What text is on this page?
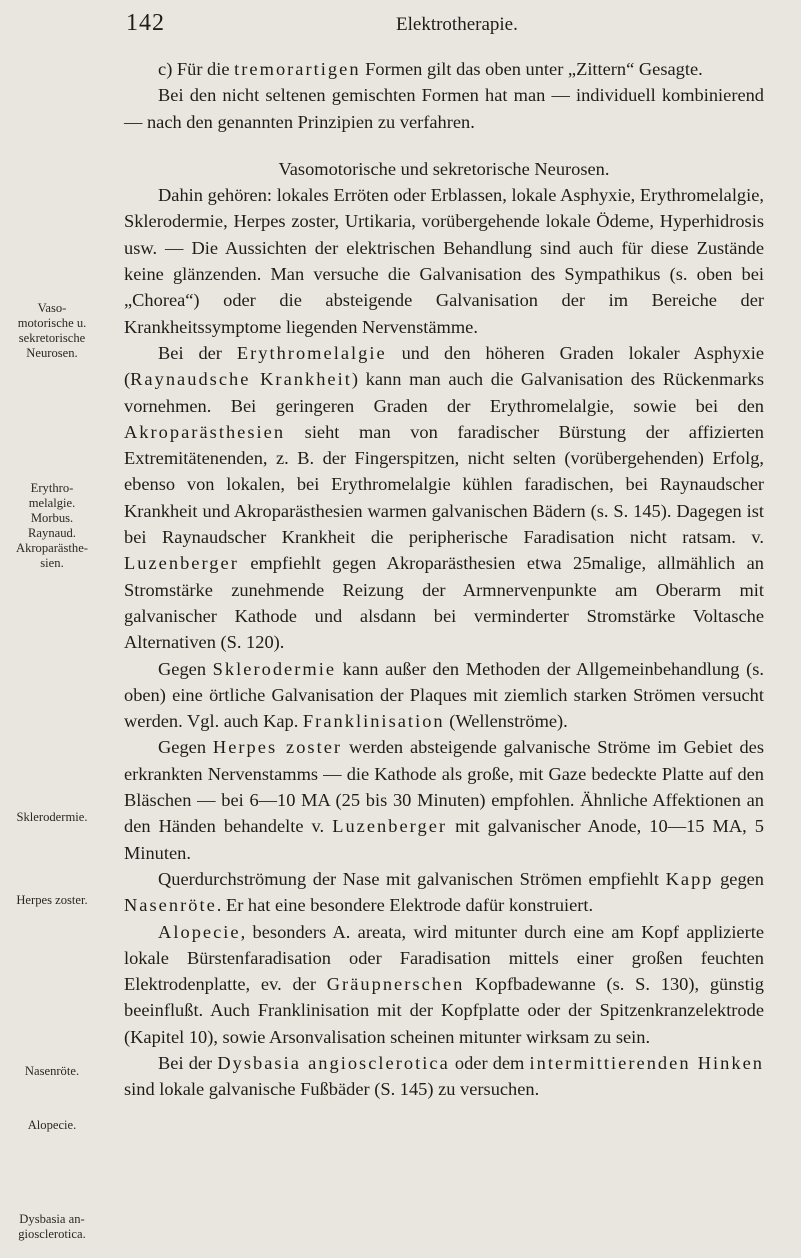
142	Elektrotherapie.
Vaso-
motorische u.
sekretorische
Neurosen.
Erythro-
melalgie.
Morbus.
Raynaud.
Akroparästhe-
sien.
Sklerodermie.
Herpes zoster.
Nasenröte.
Alopecie.
Dysbasia an-
giosclerotica.

c) Für die tremorartigen Formen gilt das oben unter „Zittern“ Gesagte.

Bei den nicht seltenen gemischten Formen hat man — individuell kombinierend — nach den genannten Prinzipien zu verfahren.

Vasomotorische und sekretorische Neurosen.

Dahin gehören: lokales Erröten oder Erblassen, lokale Asphyxie, Erythromelalgie, Sklerodermie, Herpes zoster, Urtikaria, vorübergehende lokale Ödeme, Hyperhidrosis usw. — Die Aussichten der elektrischen Behandlung sind auch für diese Zustände keine glänzenden. Man versuche die Galvanisation des Sympathikus (s. oben bei „Chorea“) oder die absteigende Galvanisation der im Bereiche der Krankheitssymptome liegenden Nervenstämme.

Bei der Erythromelalgie und den höheren Graden lokaler Asphyxie (Raynaudsche Krankheit) kann man auch die Galvanisation des Rückenmarks vornehmen. Bei geringeren Graden der Erythromelalgie, sowie bei den Akroparästhesien sieht man von faradischer Bürstung der affizierten Extremitätenenden, z. B. der Fingerspitzen, nicht selten (vorübergehenden) Erfolg, ebenso von lokalen, bei Erythromelalgie kühlen faradischen, bei Raynaudscher Krankheit und Akroparästhesien warmen galvanischen Bädern (s. S. 145). Dagegen ist bei Raynaudscher Krankheit die peripherische Faradisation nicht ratsam. v. Luzenberger empfiehlt gegen Akroparästhesien etwa 25malige, allmählich an Stromstärke zunehmende Reizung der Armnervenpunkte am Oberarm mit galvanischer Kathode und alsdann bei verminderter Stromstärke Voltasche Alternativen (S. 120).

Gegen Sklerodermie kann außer den Methoden der Allgemeinbehandlung (s. oben) eine örtliche Galvanisation der Plaques mit ziemlich starken Strömen versucht werden. Vgl. auch Kap. Franklinisation (Wellenströme).

Gegen Herpes zoster werden absteigende galvanische Ströme im Gebiet des erkrankten Nervenstamms — die Kathode als große, mit Gaze bedeckte Platte auf den Bläschen — bei 6—10 MA (25 bis 30 Minuten) empfohlen. Ähnliche Affektionen an den Händen behandelte v. Luzenberger mit galvanischer Anode, 10—15 MA, 5 Minuten.

Querdurchströmung der Nase mit galvanischen Strömen empfiehlt Kapp gegen Nasenröte. Er hat eine besondere Elektrode dafür konstruiert.

Alopecie, besonders A. areata, wird mitunter durch eine am Kopf applizierte lokale Bürstenfaradisation oder Faradisation mittels einer großen feuchten Elektrodenplatte, ev. der Gräupnerschen Kopfbadewanne (s. S. 130), günstig beeinflußt. Auch Franklinisation mit der Kopfplatte oder der Spitzenkranzelektrode (Kapitel 10), sowie Arsonvalisation scheinen mitunter wirksam zu sein.

Bei der Dysbasia angiosclerotica oder dem intermittierenden Hinken sind lokale galvanische Fußbäder (S. 145) zu versuchen.
